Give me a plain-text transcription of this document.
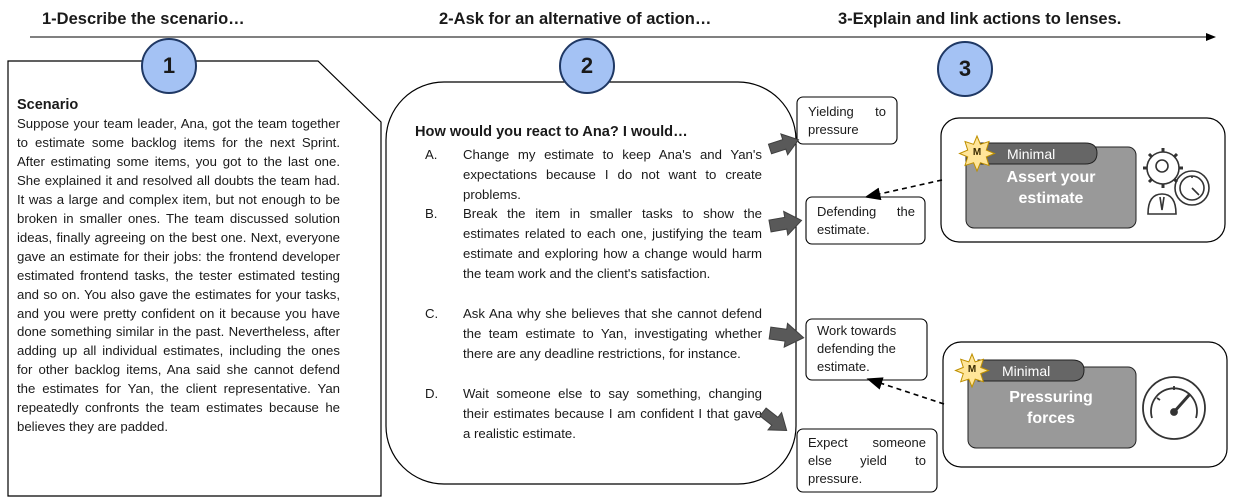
1-Describe the scenario…	2-Ask for an alternative of action…	3-Explain and link actions to lenses.
1	2	3
Scenario
Suppose your team leader, Ana, got the team together to estimate some backlog items for the next Sprint. After estimating some items, you got to the last one. She explained it and resolved all doubts the team had. It was a large and complex item, but not enough to be broken in smaller ones. The team discussed solution ideas, finally agreeing on the best one. Next, everyone gave an estimate for their jobs: the frontend developer estimated frontend tasks, the tester estimated testing and so on. You also gave the estimates for your tasks, and you were pretty confident on it because you have done something similar in the past. Nevertheless, after adding up all individual estimates, including the ones for other backlog items, Ana said she cannot defend the estimates for Yan, the client representative. Yan repeatedly confronts the team estimates because he believes they are padded.
How would you react to Ana? I would…
A.	Change my estimate to keep Ana's and Yan's expectations because I do not want to create problems.
B.	Break the item in smaller tasks to show the estimates related to each one, justifying the team estimate and exploring how a change would harm the team work and the client's satisfaction.
C.	Ask Ana why she believes that she cannot defend the team estimate to Yan, investigating whether there are any deadline restrictions, for instance.
D.	Wait someone else to say something, changing their estimates because I am confident I that gave a realistic estimate.
Yielding to pressure
Defending the estimate.
Work towards defending the estimate.
Expect someone else yield to pressure.
M	Minimal
Assert your
estimate
M	Minimal
Pressuring
forces
